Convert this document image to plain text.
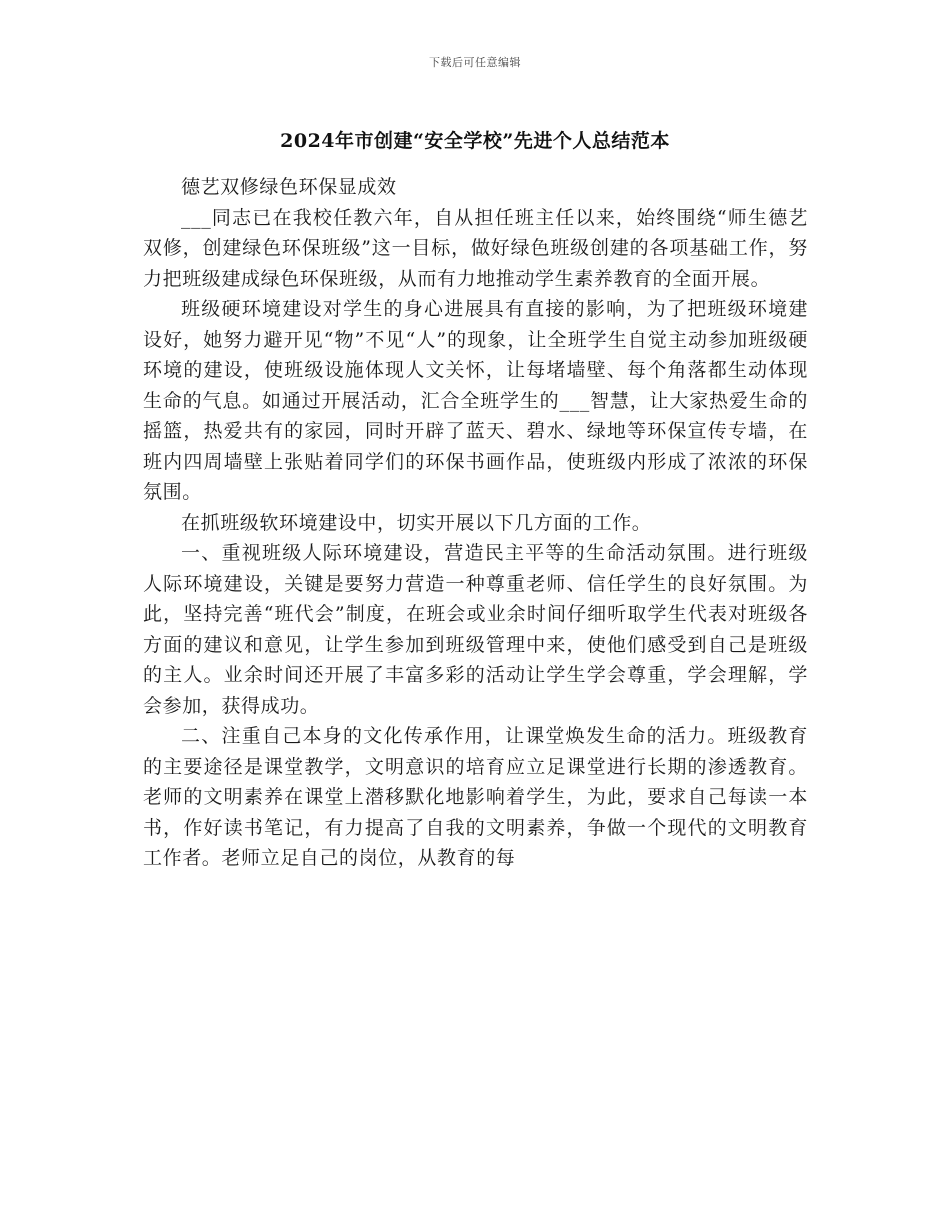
下载后可任意编辑
2024年市创建“安全学校”先进个人总结范本

德艺双修绿色环保显成效

___同志已在我校任教六年，自从担任班主任以来，始终围绕“师生德艺双修，创建绿色环保班级”这一目标，做好绿色班级创建的各项基础工作，努力把班级建成绿色环保班级，从而有力地推动学生素养教育的全面开展。

班级硬环境建设对学生的身心进展具有直接的影响，为了把班级环境建设好，她努力避开见“物”不见“人”的现象，让全班学生自觉主动参加班级硬环境的建设，使班级设施体现人文关怀，让每堵墙壁、每个角落都生动体现生命的气息。如通过开展活动，汇合全班学生的___智慧，让大家热爱生命的摇篮，热爱共有的家园，同时开辟了蓝天、碧水、绿地等环保宣传专墙，在班内四周墙壁上张贴着同学们的环保书画作品，使班级内形成了浓浓的环保氛围。

在抓班级软环境建设中，切实开展以下几方面的工作。

一、重视班级人际环境建设，营造民主平等的生命活动氛围。进行班级人际环境建设，关键是要努力营造一种尊重老师、信任学生的良好氛围。为此，坚持完善“班代会”制度，在班会或业余时间仔细听取学生代表对班级各方面的建议和意见，让学生参加到班级管理中来，使他们感受到自己是班级的主人。业余时间还开展了丰富多彩的活动让学生学会尊重，学会理解，学会参加，获得成功。

二、注重自己本身的文化传承作用，让课堂焕发生命的活力。班级教育的主要途径是课堂教学，文明意识的培育应立足课堂进行长期的渗透教育。老师的文明素养在课堂上潜移默化地影响着学生，为此，要求自己每读一本书，作好读书笔记，有力提高了自我的文明素养，争做一个现代的文明教育工作者。老师立足自己的岗位，从教育的每
